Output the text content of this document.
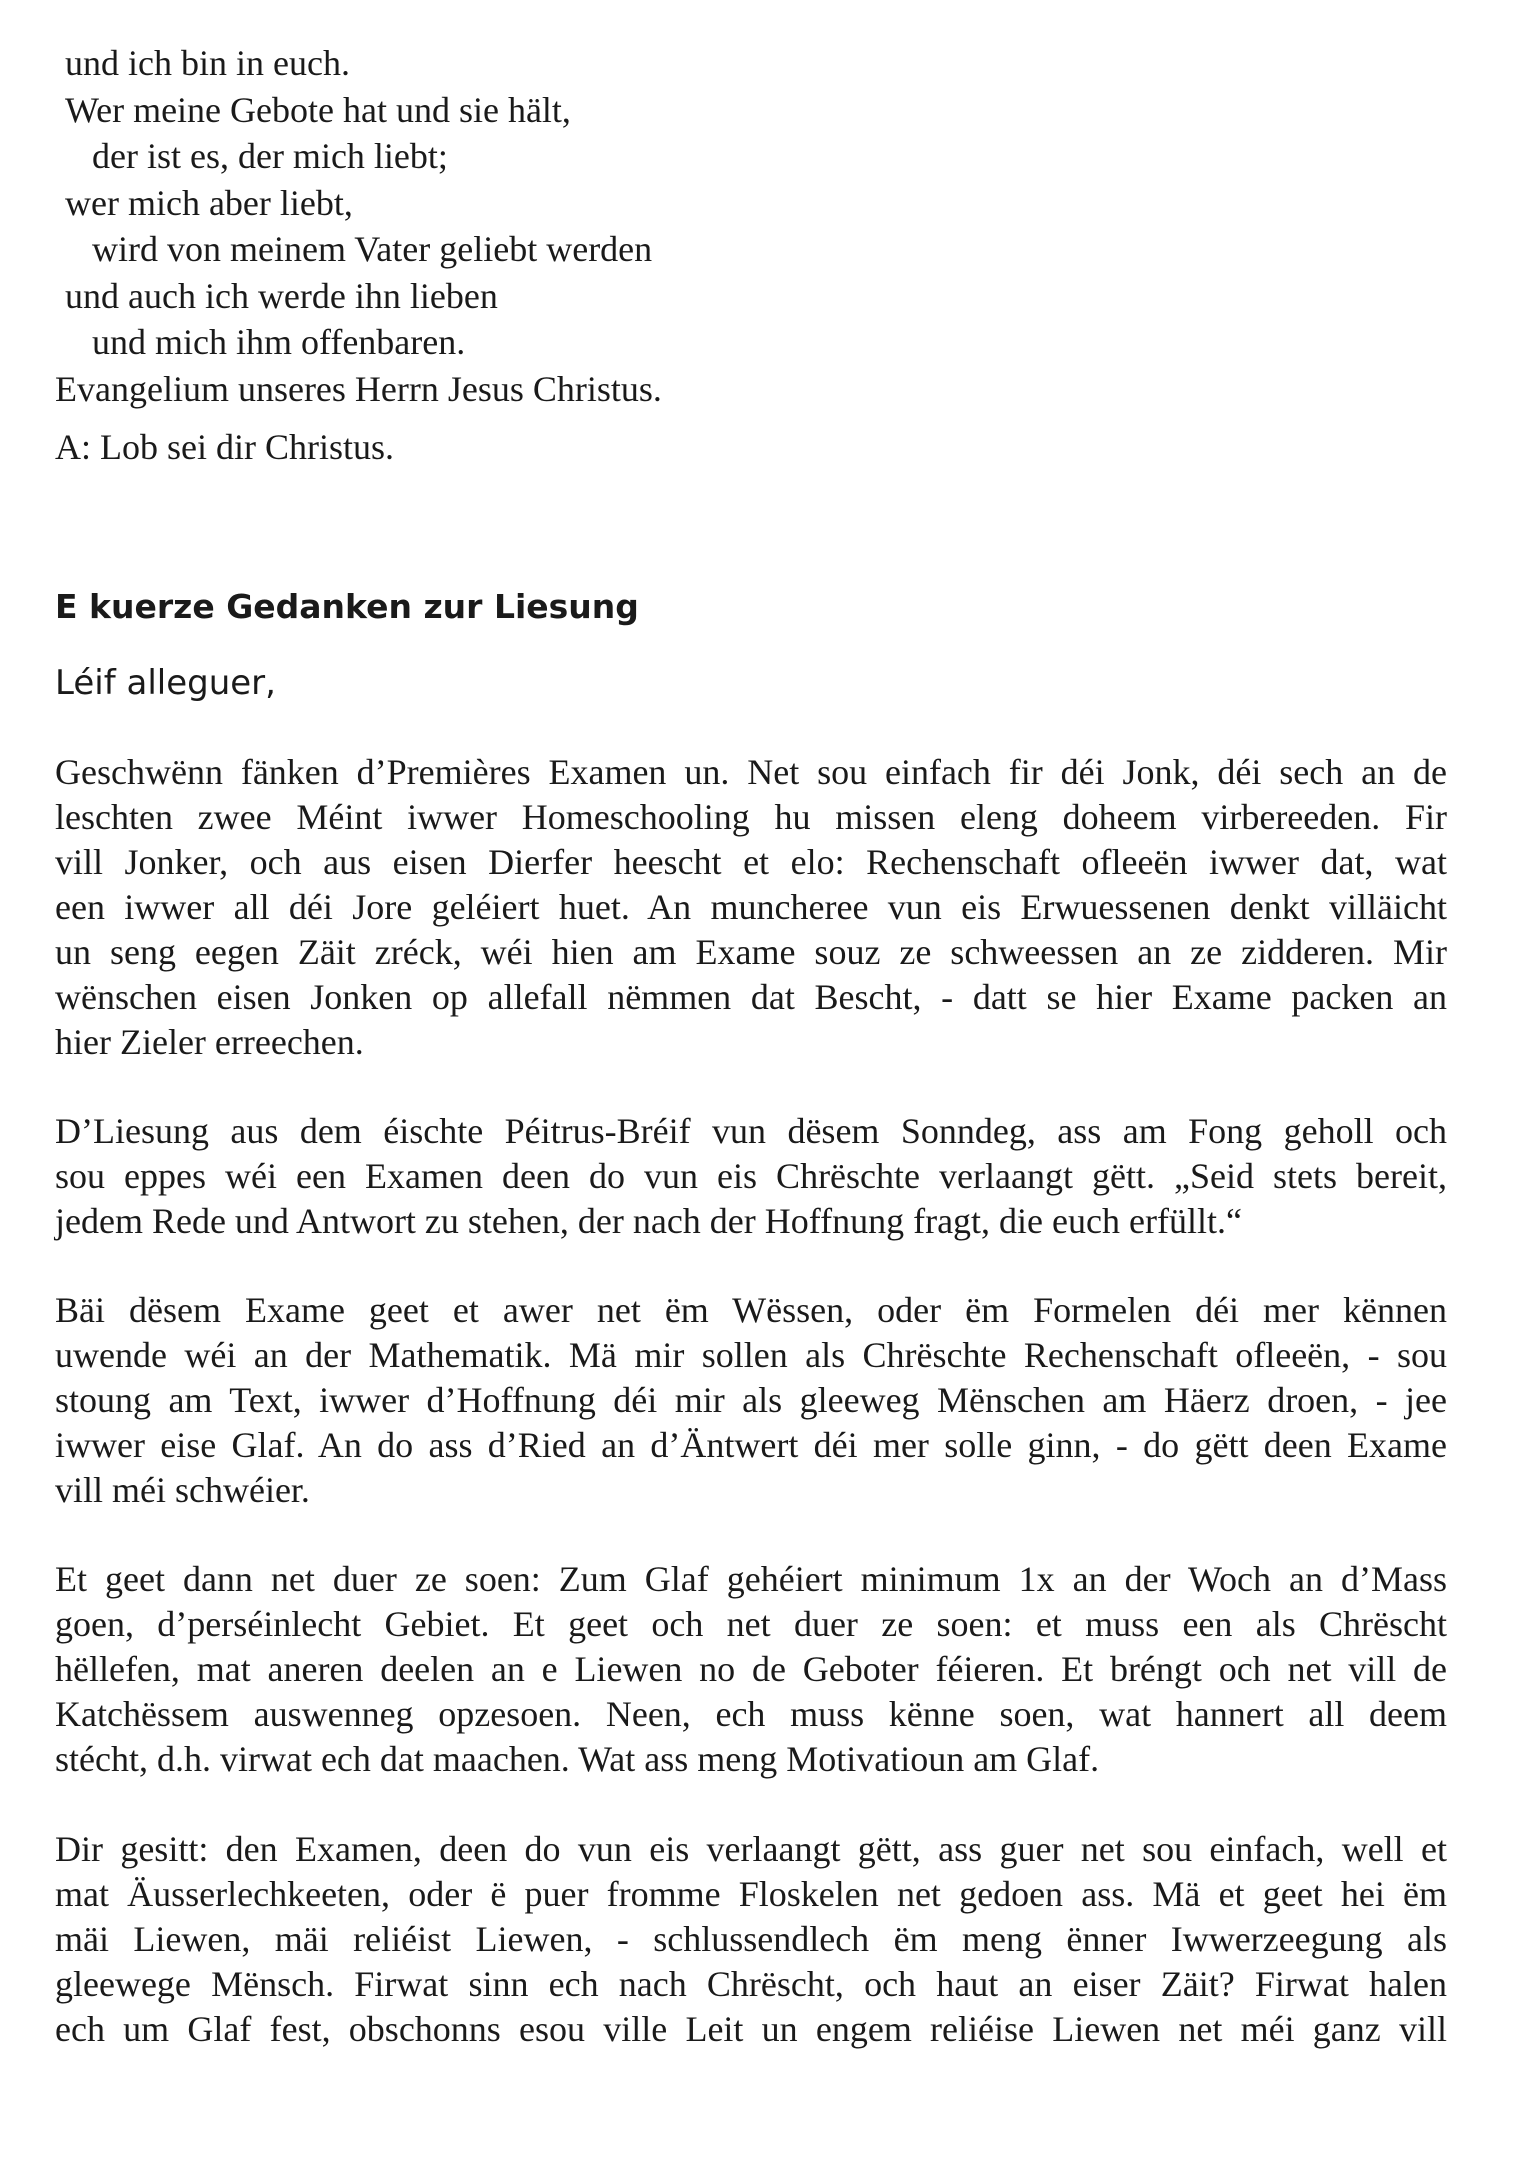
und ich bin in euch.
Wer meine Gebote hat und sie hält,
der ist es, der mich liebt;
wer mich aber liebt,
wird von meinem Vater geliebt werden
und auch ich werde ihn lieben
und mich ihm offenbaren.
Evangelium unseres Herrn Jesus Christus.

A: Lob sei dir Christus.

E kuerze Gedanken zur Liesung

Léif alleguer,

Geschwënn fänken d’Premières Examen un. Net sou einfach fir déi Jonk, déi sech an de
leschten zwee Méint iwwer Homeschooling hu missen eleng doheem virbereeden. Fir
vill Jonker, och aus eisen Dierfer heescht et elo: Rechenschaft ofleeën iwwer dat, wat
een iwwer all déi Jore geléiert huet. An muncheree vun eis Erwuessenen denkt villäicht
un seng eegen Zäit zréck, wéi hien am Exame souz ze schweessen an ze zidderen. Mir
wënschen eisen Jonken op allefall nëmmen dat Bescht, - datt se hier Exame packen an
hier Zieler erreechen.
D’Liesung aus dem éischte Péitrus-Bréif vun dësem Sonndeg, ass am Fong geholl och
sou eppes wéi een Examen deen do vun eis Chrëschte verlaangt gëtt. „Seid stets bereit,
jedem Rede und Antwort zu stehen, der nach der Hoffnung fragt, die euch erfüllt.“
Bäi dësem Exame geet et awer net ëm Wëssen, oder ëm Formelen déi mer kënnen
uwende wéi an der Mathematik. Mä mir sollen als Chrëschte Rechenschaft ofleeën, - sou
stoung am Text, iwwer d’Hoffnung déi mir als gleeweg Mënschen am Häerz droen, - jee
iwwer eise Glaf. An do ass d’Ried an d’Äntwert déi mer solle ginn, - do gëtt deen Exame
vill méi schwéier.
Et geet dann net duer ze soen: Zum Glaf gehéiert minimum 1x an der Woch an d’Mass
goen, d’perséinlecht Gebiet. Et geet och net duer ze soen: et muss een als Chrëscht
hëllefen, mat aneren deelen an e Liewen no de Geboter féieren. Et bréngt och net vill de
Katchëssem auswenneg opzesoen. Neen, ech muss kënne soen, wat hannert all deem
stécht, d.h. virwat ech dat maachen. Wat ass meng Motivatioun am Glaf.
Dir gesitt: den Examen, deen do vun eis verlaangt gëtt, ass guer net sou einfach, well et
mat Äusserlechkeeten, oder ë puer fromme Floskelen net gedoen ass. Mä et geet hei ëm
mäi Liewen, mäi reliéist Liewen, - schlussendlech ëm meng ënner Iwwerzeegung als
gleewege Mënsch. Firwat sinn ech nach Chrëscht, och haut an eiser Zäit? Firwat halen
ech um Glaf fest, obschonns esou ville Leit un engem reliéise Liewen net méi ganz vill
